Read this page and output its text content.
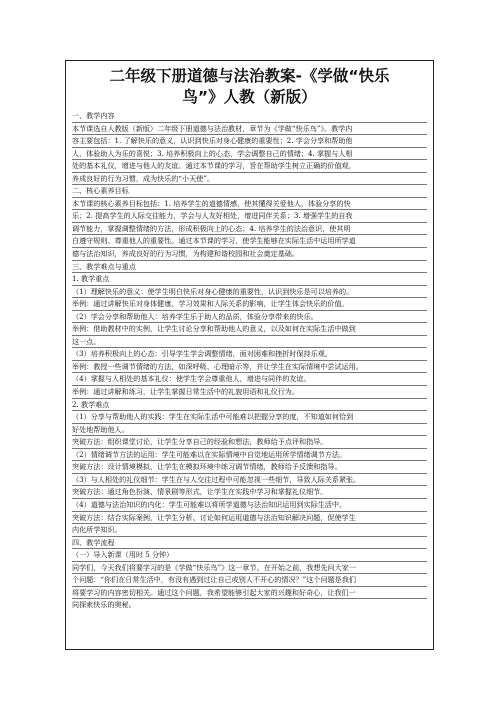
二年级下册道德与法治教案-《学做“快乐
鸟”》人教（新版）
一、教学内容
本节课选自人教版（新版）二年级下册道德与法治教材，章节为《学做“快乐鸟”》。教学内
容主要包括：1. 了解快乐的意义，认识到快乐对身心健康的重要性；2. 学会分享和帮助他
人，体验助人为乐的喜悦；3. 培养积极向上的心态，学会调整自己的情绪；4. 掌握与人相
处的基本礼仪，增进与他人的友谊。通过本节课的学习，旨在帮助学生树立正确的价值观，
养成良好的行为习惯，成为快乐的“小天使”。
二、核心素养目标
本节课的核心素养目标包括：1. 培养学生的道德情感，使其懂得关爱他人，体验分享的快
乐；2. 提高学生的人际交往能力，学会与人友好相处，增进同伴关系；3. 增强学生的自我
调节能力，掌握调整情绪的方法，形成积极向上的心态；4. 培养学生的法治意识，使其明
白遵守规则、尊重他人的重要性。通过本节课的学习，使学生能够在实际生活中运用所学道
德与法治知识，养成良好的行为习惯，为构建和谐校园和社会奠定基础。
三、教学难点与重点
1. 教学重点
（1）理解快乐的意义：使学生明白快乐对身心健康的重要性，认识到快乐是可以培养的。
举例：通过讲解快乐对身体健康、学习效果和人际关系的影响，让学生体会快乐的价值。
（2）学会分享和帮助他人：培养学生乐于助人的品质，体验分享带来的快乐。
举例：借助教材中的实例，让学生讨论分享和帮助他人的意义，以及如何在实际生活中做到
这一点。
（3）培养积极向上的心态：引导学生学会调整情绪，面对困难和挫折时保持乐观。
举例：教授一些调节情绪的方法，如深呼吸、心理暗示等，并让学生在实际情境中尝试运用。
（4）掌握与人相处的基本礼仪：使学生学会尊重他人，增进与同伴的友谊。
举例：通过讲解和练习，让学生掌握日常生活中的礼貌用语和礼仪行为。
2. 教学难点
（1）分享与帮助他人的实践：学生在实际生活中可能难以把握分享的度，不知道如何恰到
好处地帮助他人。
突破方法：组织课堂讨论，让学生分享自己的经验和想法，教师给予点评和指导。
（2）情绪调节方法的运用：学生可能难以在实际情境中自觉地运用所学情绪调节方法。
突破方法：设计情境模拟，让学生在模拟环境中练习调节情绪，教师给予反馈和指导。
（3）与人相处的礼仪细节：学生在与人交往过程中可能忽视一些细节，导致人际关系紧张。
突破方法：通过角色扮演、情景剧等形式，让学生在实践中学习和掌握礼仪细节。
（4）道德与法治知识的内化：学生可能难以将所学道德与法治知识运用到实际生活中。
突破方法：结合实际案例，让学生分析、讨论如何运用道德与法治知识解决问题，促使学生
内化所学知识。
四、教学流程
（一）导入新课（用时 5 分钟）
同学们，今天我们将要学习的是《学做“快乐鸟”》这一章节。在开始之前，我想先问大家一
个问题：“你们在日常生活中，有没有遇到过让自己或别人不开心的情况？”这个问题是我们
将要学习的内容密切相关。通过这个问题，我希望能够引起大家的兴趣和好奇心，让我们一
同探索快乐的奥秘。
